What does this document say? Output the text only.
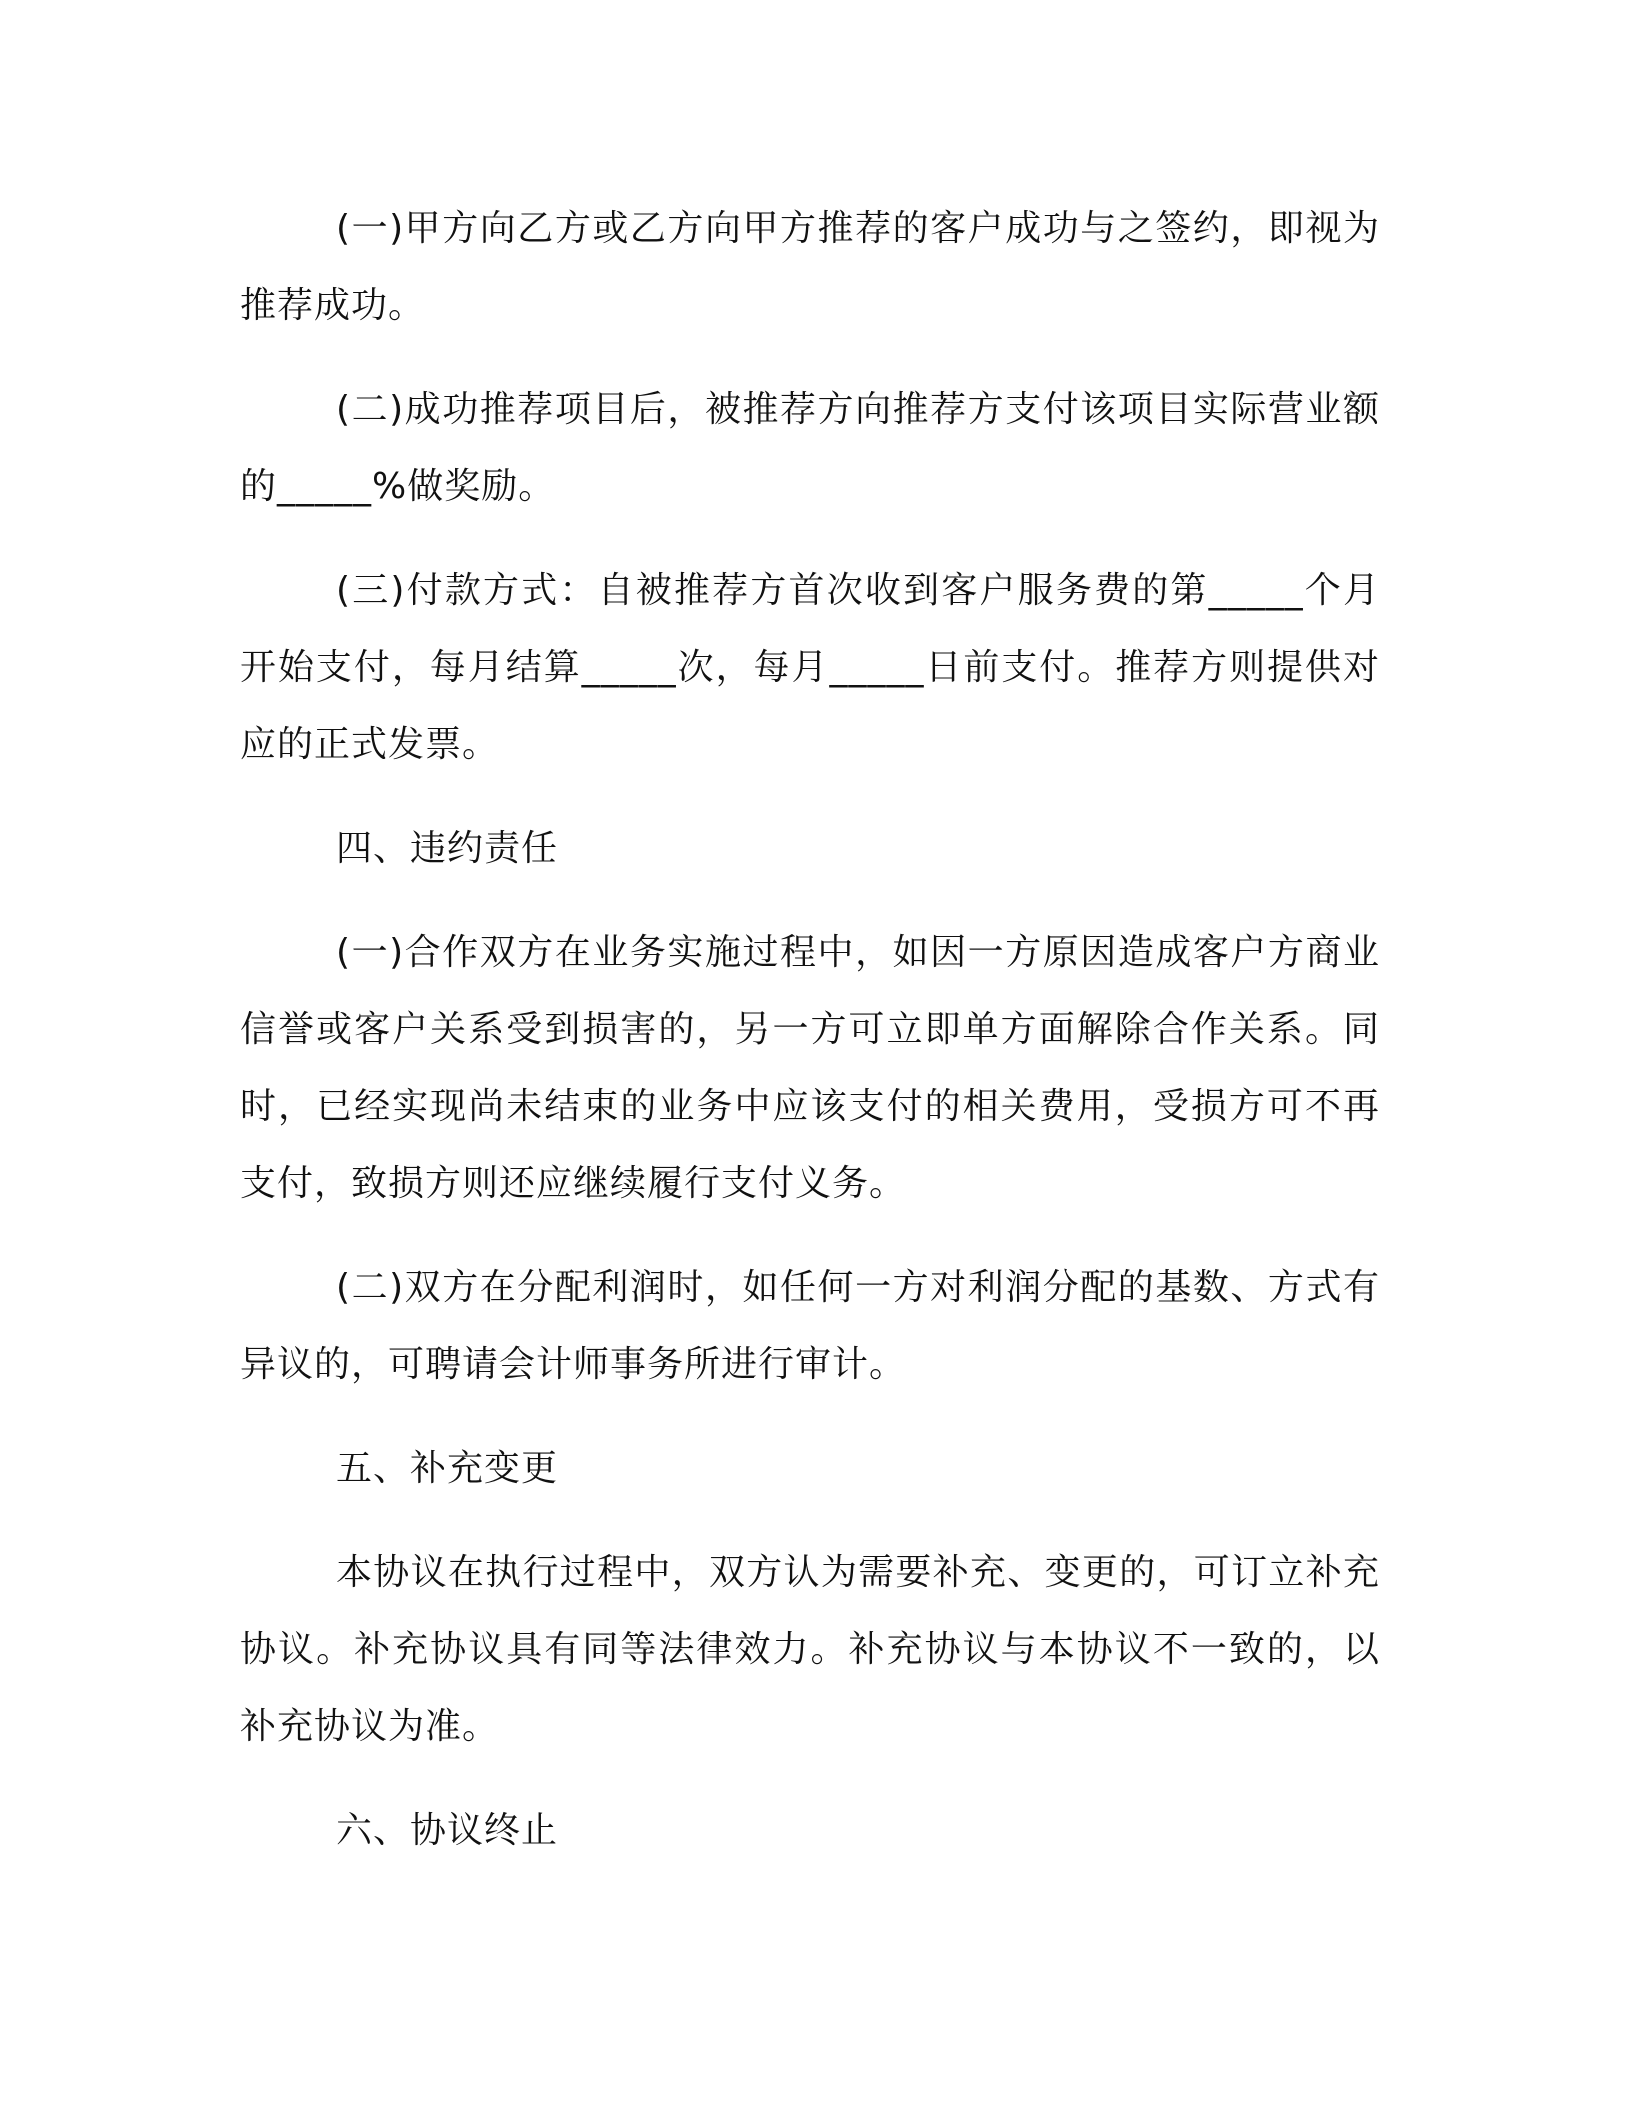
(一)甲方向乙方或乙方向甲方推荐的客户成功与之签约，即视为推荐成功。

(二)成功推荐项目后，被推荐方向推荐方支付该项目实际营业额的_____%做奖励。

(三)付款方式：自被推荐方首次收到客户服务费的第_____个月开始支付，每月结算_____次，每月_____日前支付。推荐方则提供对应的正式发票。

四、违约责任

(一)合作双方在业务实施过程中，如因一方原因造成客户方商业信誉或客户关系受到损害的，另一方可立即单方面解除合作关系。同时，已经实现尚未结束的业务中应该支付的相关费用，受损方可不再支付，致损方则还应继续履行支付义务。

(二)双方在分配利润时，如任何一方对利润分配的基数、方式有异议的，可聘请会计师事务所进行审计。

五、补充变更

本协议在执行过程中，双方认为需要补充、变更的，可订立补充协议。补充协议具有同等法律效力。补充协议与本协议不一致的，以补充协议为准。

六、协议终止
